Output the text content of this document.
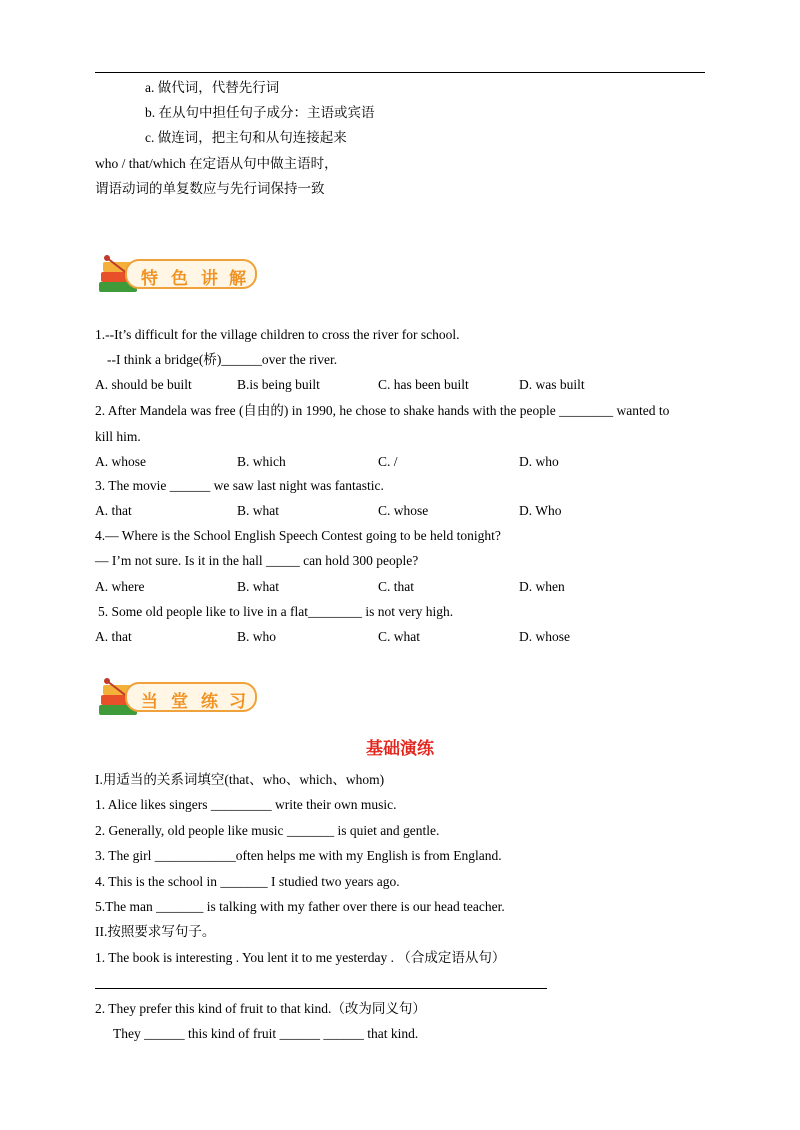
a. 做代词，代替先行词
b. 在从句中担任句子成分：主语或宾语
c. 做连词，把主句和从句连接起来
who / that/which 在定语从句中做主语时，
谓语动词的单复数应与先行词保持一致
特 色 讲 解
1.--It’s difficult for the village children to cross the river for school.
--I think a bridge(桥)______over the river.
A. should be built	B.is being built	C. has been built	D. was built
2. After Mandela was free (自由的) in 1990, he chose to shake hands with the people ________ wanted to
kill him.
A. whose	B. which	C. /	D. who
3. The movie ______ we saw last night was fantastic.
A. that	B. what	C. whose	D. Who
4.— Where is the School English Speech Contest going to be held tonight?
— I’m not sure. Is it in the hall _____ can hold 300 people?
A. where	B. what	C. that	D. when
5. Some old people like to live in a flat________ is not very high.
A. that	B. who	C. what	D. whose
当 堂 练 习
基础演练
I.用适当的关系词填空(that、who、which、whom)
1. Alice likes singers _________ write their own music.
2. Generally, old people like music _______ is quiet and gentle.
3. The girl ____________often helps me with my English is from England.
4. This is the school in _______ I studied two years ago.
5.The man _______ is talking with my father over there is our head teacher.
II.按照要求写句子。
1. The book is interesting . You lent it to me yesterday . （合成定语从句）
2. They prefer this kind of fruit to that kind.（改为同义句）
They ______ this kind of fruit ______ ______ that kind.
